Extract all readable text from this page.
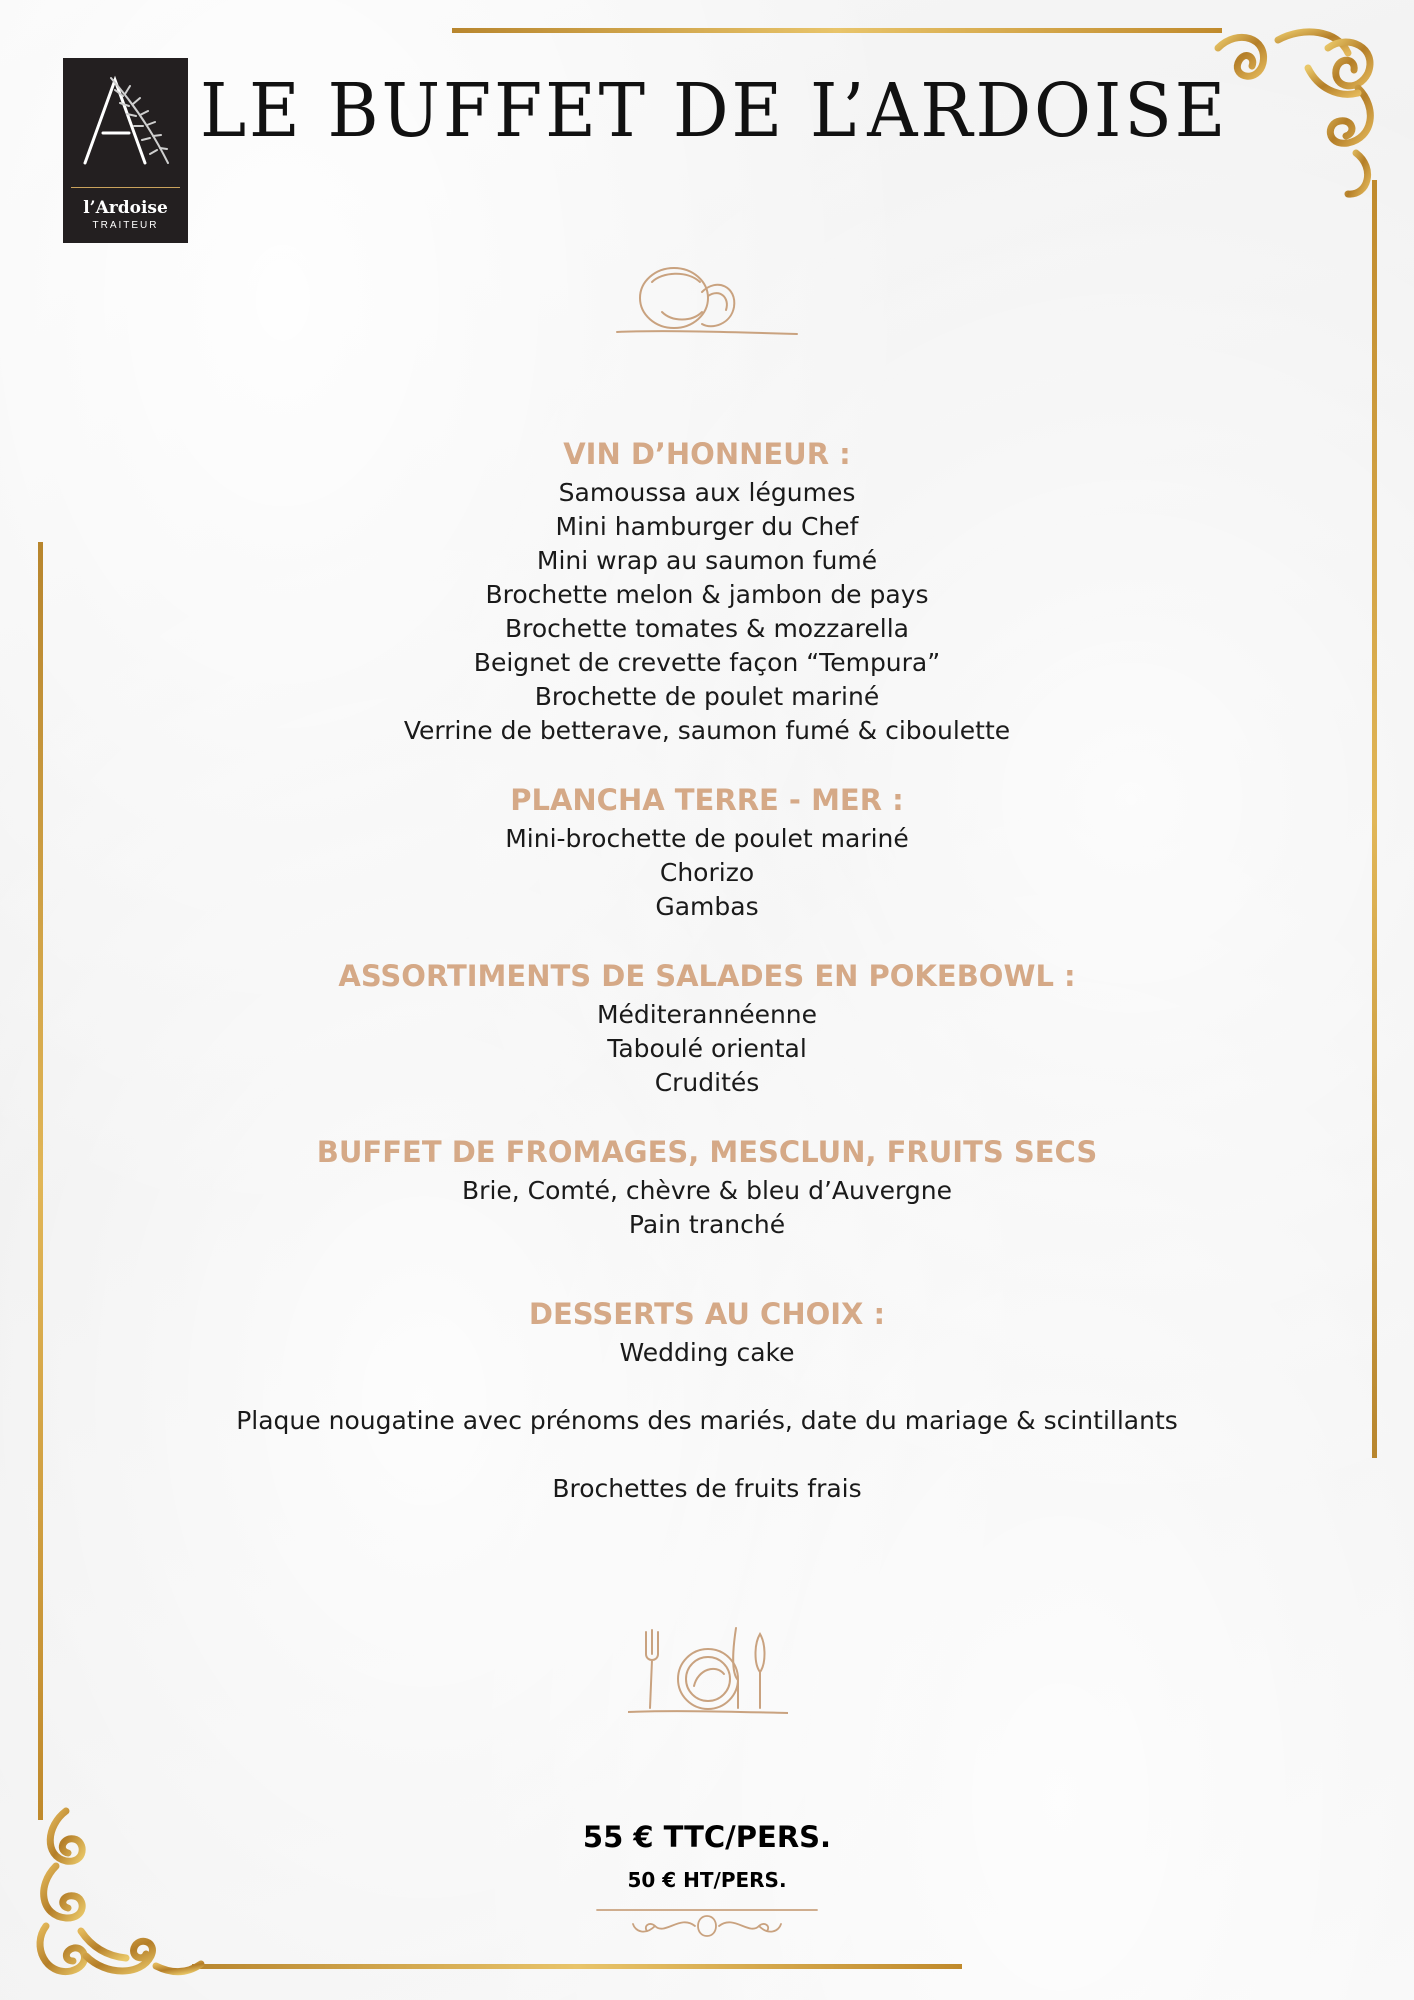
l’Ardoise
TRAITEUR
LE BUFFET DE L’ARDOISE

VIN D’HONNEUR :

Samoussa aux légumes

Mini hamburger du Chef

Mini wrap au saumon fumé

Brochette melon & jambon de pays

Brochette tomates & mozzarella

Beignet de crevette façon “Tempura”

Brochette de poulet mariné

Verrine de betterave, saumon fumé & ciboulette

PLANCHA TERRE - MER :

Mini-brochette de poulet mariné

Chorizo

Gambas

ASSORTIMENTS DE SALADES EN POKEBOWL :

Méditerannéenne

Taboulé oriental

Crudités

BUFFET DE FROMAGES, MESCLUN, FRUITS SECS

Brie, Comté, chèvre & bleu d’Auvergne

Pain tranché

DESSERTS AU CHOIX :

Wedding cake

Plaque nougatine avec prénoms des mariés, date du mariage & scintillants

Brochettes de fruits frais

55 € TTC/PERS.
50 € HT/PERS.
